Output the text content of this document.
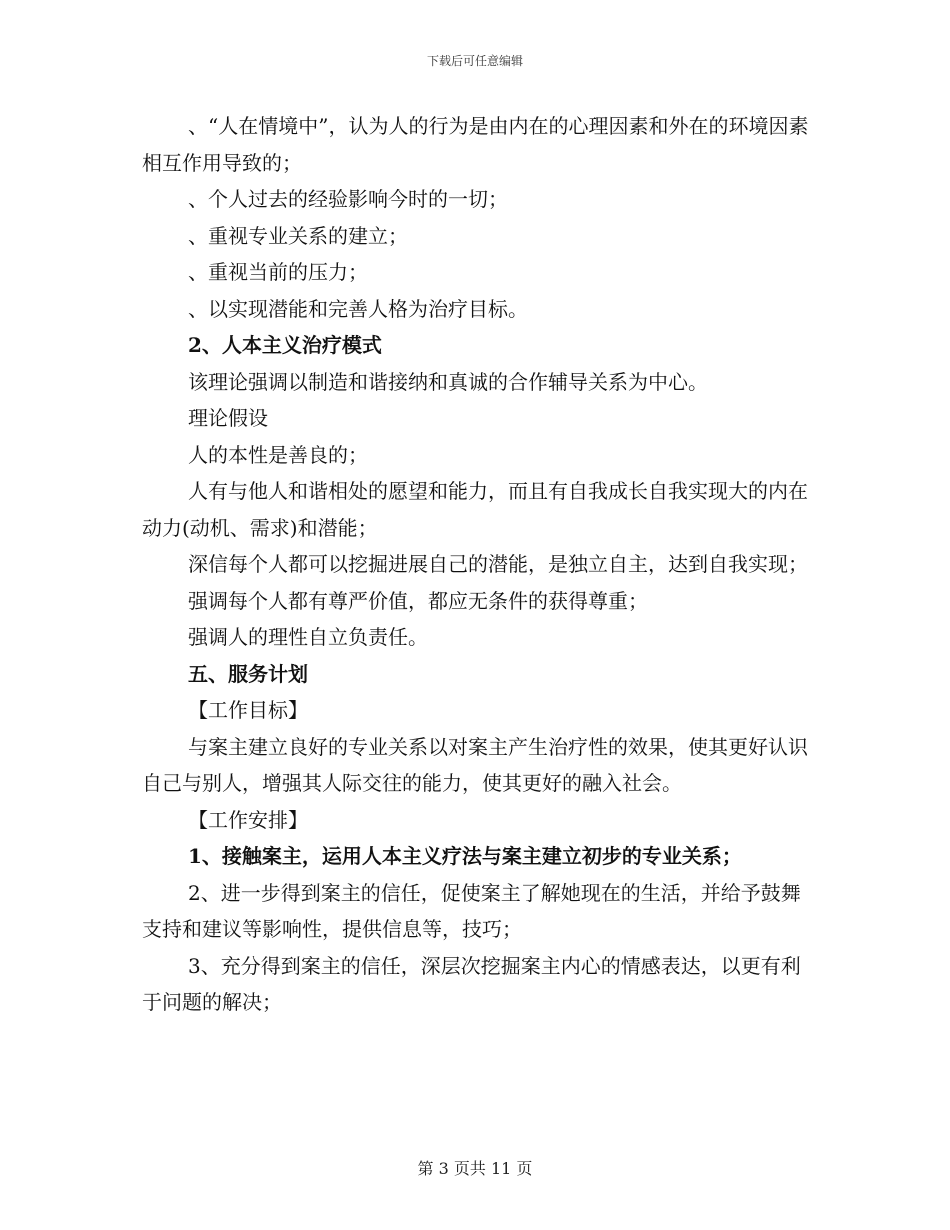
下载后可任意编辑

、“人在情境中”，认为人的行为是由内在的心理因素和外在的环境因素相互作用导致的；

、个人过去的经验影响今时的一切；

、重视专业关系的建立；

、重视当前的压力；

、以实现潜能和完善人格为治疗目标。

2、人本主义治疗模式

该理论强调以制造和谐接纳和真诚的合作辅导关系为中心。

理论假设

人的本性是善良的；

人有与他人和谐相处的愿望和能力，而且有自我成长自我实现大的内在动力(动机、需求)和潜能；

深信每个人都可以挖掘进展自己的潜能，是独立自主，达到自我实现；

强调每个人都有尊严价值，都应无条件的获得尊重；

强调人的理性自立负责任。

五、服务计划

【工作目标】

与案主建立良好的专业关系以对案主产生治疗性的效果，使其更好认识自己与别人，增强其人际交往的能力，使其更好的融入社会。

【工作安排】

1、接触案主，运用人本主义疗法与案主建立初步的专业关系；

2、进一步得到案主的信任，促使案主了解她现在的生活，并给予鼓舞支持和建议等影响性，提供信息等，技巧；

3、充分得到案主的信任，深层次挖掘案主内心的情感表达，以更有利于问题的解决；

第 3 页共 11 页
